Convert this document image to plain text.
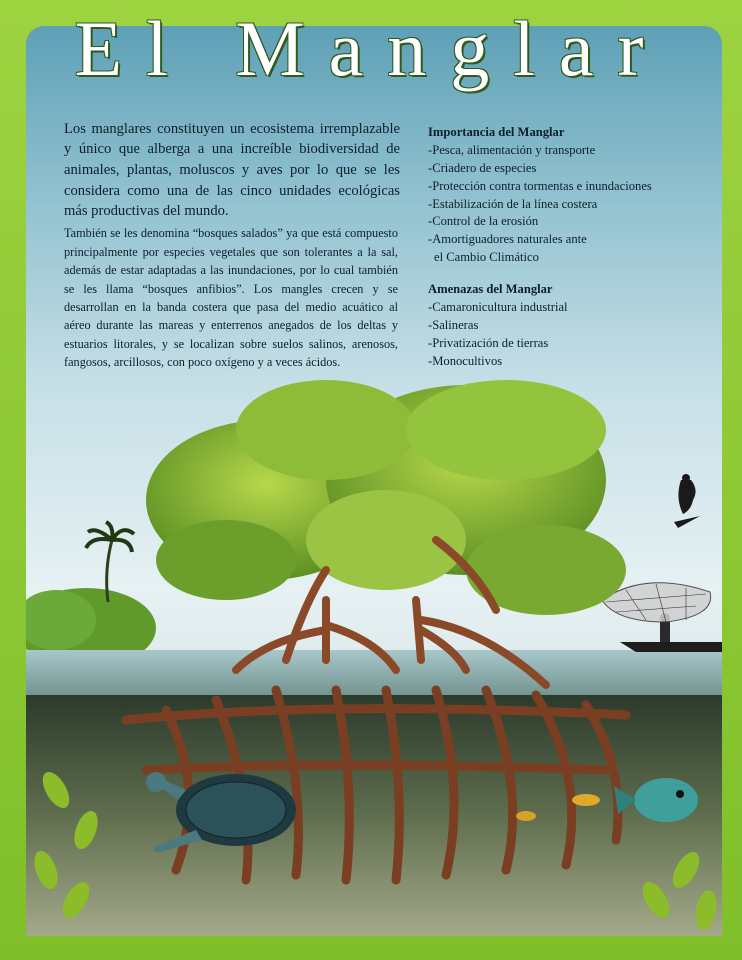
El Manglar

Los manglares constituyen un ecosistema irremplazable y único que alberga a una increíble biodiversidad de animales, plantas, moluscos y aves por lo que se les considera como una de las cinco unidades ecológicas más productivas del mundo.

También se les denomina “bosques salados” ya que está compuesto principalmente por especies vegetales que son tolerantes a la sal, además de estar adaptadas a las inundaciones, por lo cual también se les llama “bosques anfibios”. Los mangles crecen y se desarrollan en la banda costera que pasa del medio acuático al aéreo durante las mareas y enterrenos anegados de los deltas y estuarios litorales, y se localizan sobre suelos salinos, arenosos, fangosos, arcillosos, con poco oxígeno y a veces ácidos.

Importancia del Manglar
-Pesca, alimentación y transporte
-Criadero de especies
-Protección contra tormentas e inundaciones
-Estabilización de la línea costera
-Control de la erosión
-Amortiguadores naturales ante
el Cambio Climático
Amenazas del Manglar
-Camaronicultura industrial
-Salineras
-Privatización de tierras
-Monocultivos
